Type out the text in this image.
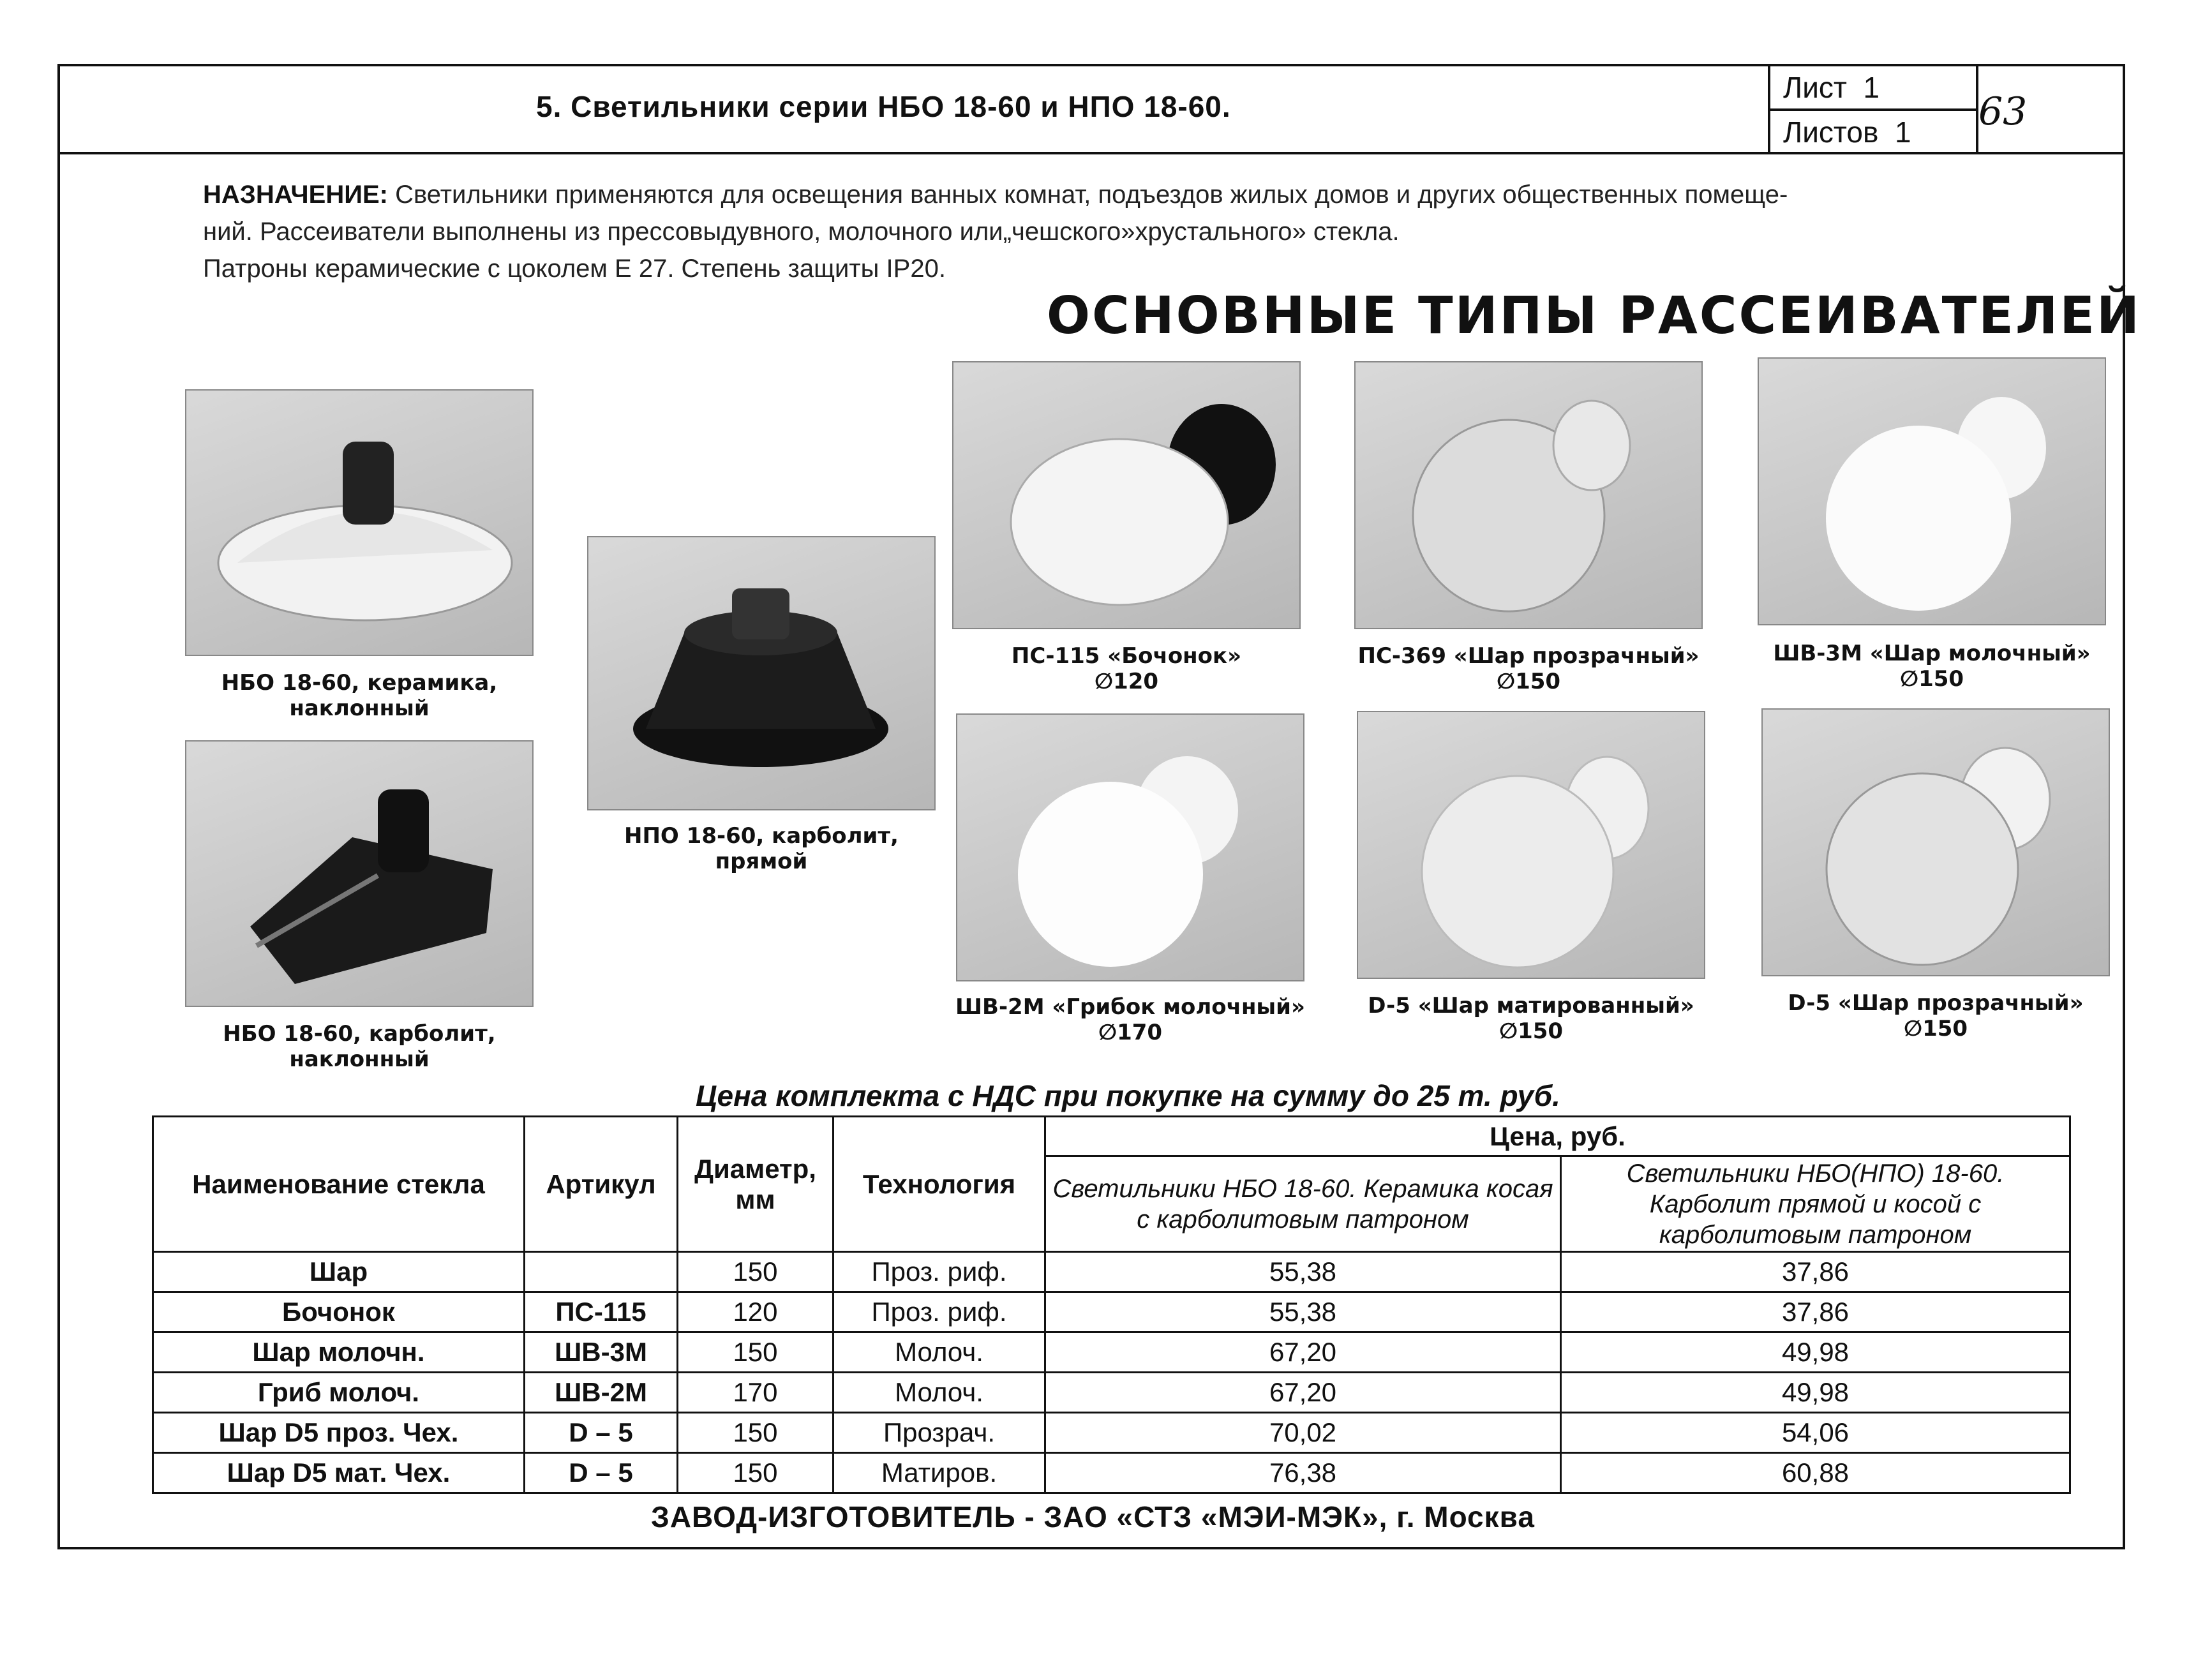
5. Светильники серии НБО 18-60 и НПО 18-60.
Лист 1
Листов 1	63
НАЗНАЧЕНИЕ: Светильники применяются для освещения ванных комнат, подъездов жилых домов и других общественных помеще-
ний. Рассеиватели выполнены из прессовыдувного, молочного или„чешского»хрустального» стекла.
Патроны керамические с цоколем Е 27. Степень защиты IP20.
ОСНОВНЫЕ ТИПЫ РАССЕИВАТЕЛЕЙ
НБО 18-60, керамика,
наклонный
НБО 18-60, карболит,
наклонный
НПО 18-60, карболит,
прямой
ПС-115 «Бочонок»
∅120
ПС-369 «Шар прозрачный»
∅150
ШВ-3М «Шар молочный»
∅150
ШВ-2М «Грибок молочный»
∅170
D-5 «Шар матированный»
∅150
D-5 «Шар прозрачный»
∅150
Цена комплекта с НДС при покупке на сумму до 25 т. руб.
Наименование стекла	Артикул	Диаметр, мм	Технология	Цена, руб.	
				Светильники НБО 18-60. Керамика косая с карболитовым патроном	Светильники НБО(НПО) 18-60. Карболит прямой и косой с карболитовым патроном
Шар		150	Проз. риф.	55,38	37,86
Бочонок	ПС-115	120	Проз. риф.	55,38	37,86
Шар молочн.	ШВ-3М	150	Молоч.	67,20	49,98
Гриб молоч.	ШВ-2М	170	Молоч.	67,20	49,98
Шар D5 проз. Чех.	D – 5	150	Прозрач.	70,02	54,06
Шар D5 мат. Чех.	D – 5	150	Матиров.	76,38	60,88
ЗАВОД-ИЗГОТОВИТЕЛЬ - ЗАО «СТЗ «МЭИ-МЭК», г. Москва
